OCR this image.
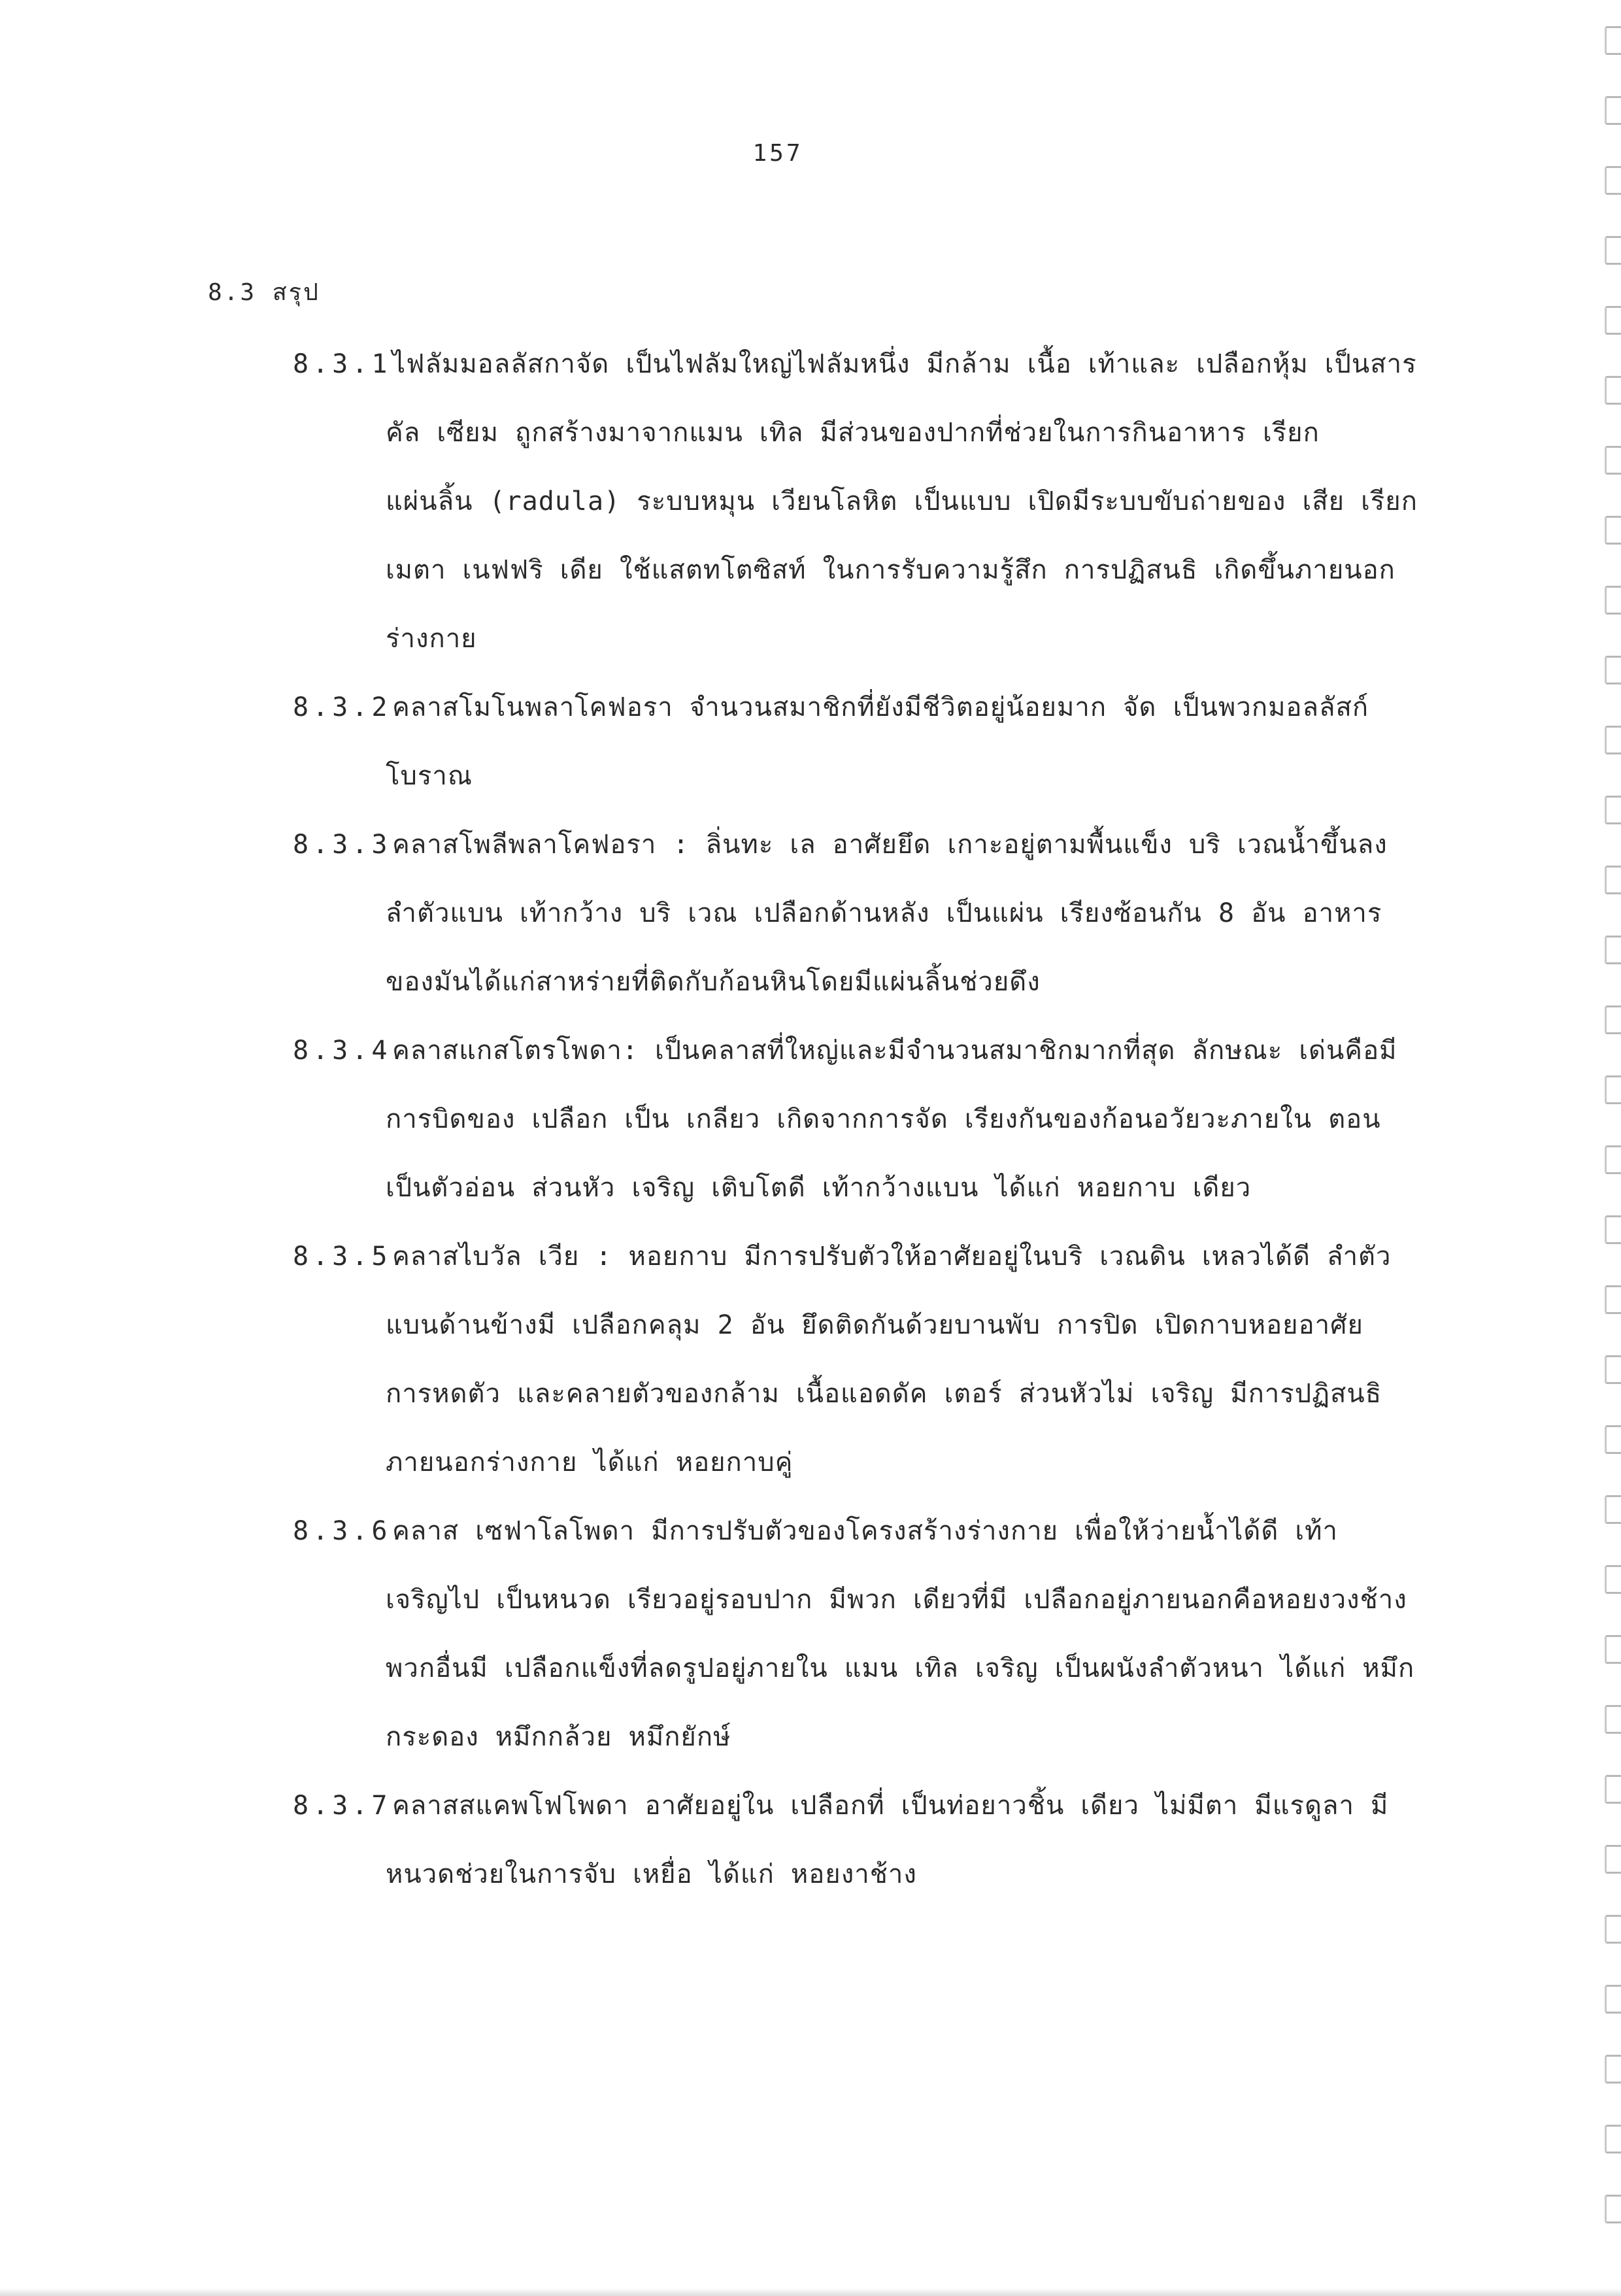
157
8.3 สรุป
8.3.1 ไฟลัมมอลลัสกาจัด เป็นไฟลัมใหญ่ไฟลัมหนึ่ง มีกล้าม เนื้อ เท้าและ เปลือกหุ้ม เป็นสาร
คัล เซียม ถูกสร้างมาจากแมน เทิล มีส่วนของปากที่ช่วยในการกินอาหาร เรียก
แผ่นลิ้น (radula) ระบบหมุน เวียนโลหิต เป็นแบบ เปิดมีระบบขับถ่ายของ เสีย เรียก
เมตา เนฟฟริ เดีย ใช้แสตทโตซิสท์ ในการรับความรู้สึก การปฏิสนธิ เกิดขึ้นภายนอก
ร่างกาย
8.3.2 คลาสโมโนพลาโคฟอรา จำนวนสมาชิกที่ยังมีชีวิตอยู่น้อยมาก จัด เป็นพวกมอลลัสก์
โบราณ
8.3.3 คลาสโพลีพลาโคฟอรา : ลิ่นทะ เล อาศัยยึด เกาะอยู่ตามพื้นแข็ง บริ เวณน้ำขึ้นลง
ลำตัวแบน เท้ากว้าง บริ เวณ เปลือกด้านหลัง เป็นแผ่น เรียงซ้อนกัน 8 อัน อาหาร
ของมันได้แก่สาหร่ายที่ติดกับก้อนหินโดยมีแผ่นลิ้นช่วยดึง
8.3.4 คลาสแกสโตรโพดา: เป็นคลาสที่ใหญ่และมีจำนวนสมาชิกมากที่สุด ลักษณะ เด่นคือมี
การบิดของ เปลือก เป็น เกลียว เกิดจากการจัด เรียงกันของก้อนอวัยวะภายใน ตอน
เป็นตัวอ่อน ส่วนหัว เจริญ เติบโตดี เท้ากว้างแบน ได้แก่ หอยกาบ เดียว
8.3.5 คลาสไบวัล เวีย : หอยกาบ มีการปรับตัวให้อาศัยอยู่ในบริ เวณดิน เหลวได้ดี ลำตัว
แบนด้านข้างมี เปลือกคลุม 2 อัน ยึดติดกันด้วยบานพับ การปิด เปิดกาบหอยอาศัย
การหดตัว และคลายตัวของกล้าม เนื้อแอดดัค เตอร์ ส่วนหัวไม่ เจริญ มีการปฏิสนธิ
ภายนอกร่างกาย ได้แก่ หอยกาบคู่
8.3.6 คลาส เซฟาโลโพดา มีการปรับตัวของโครงสร้างร่างกาย เพื่อให้ว่ายน้ำได้ดี เท้า
เจริญไป เป็นหนวด เรียวอยู่รอบปาก มีพวก เดียวที่มี เปลือกอยู่ภายนอกคือหอยงวงช้าง
พวกอื่นมี เปลือกแข็งที่ลดรูปอยู่ภายใน แมน เทิล เจริญ เป็นผนังลำตัวหนา ได้แก่ หมึก
กระดอง หมึกกล้วย หมึกยักษ์
8.3.7 คลาสสแคพโฟโพดา อาศัยอยู่ใน เปลือกที่ เป็นท่อยาวชิ้น เดียว ไม่มีตา มีแรดูลา มี
หนวดช่วยในการจับ เหยื่อ ได้แก่ หอยงาช้าง
